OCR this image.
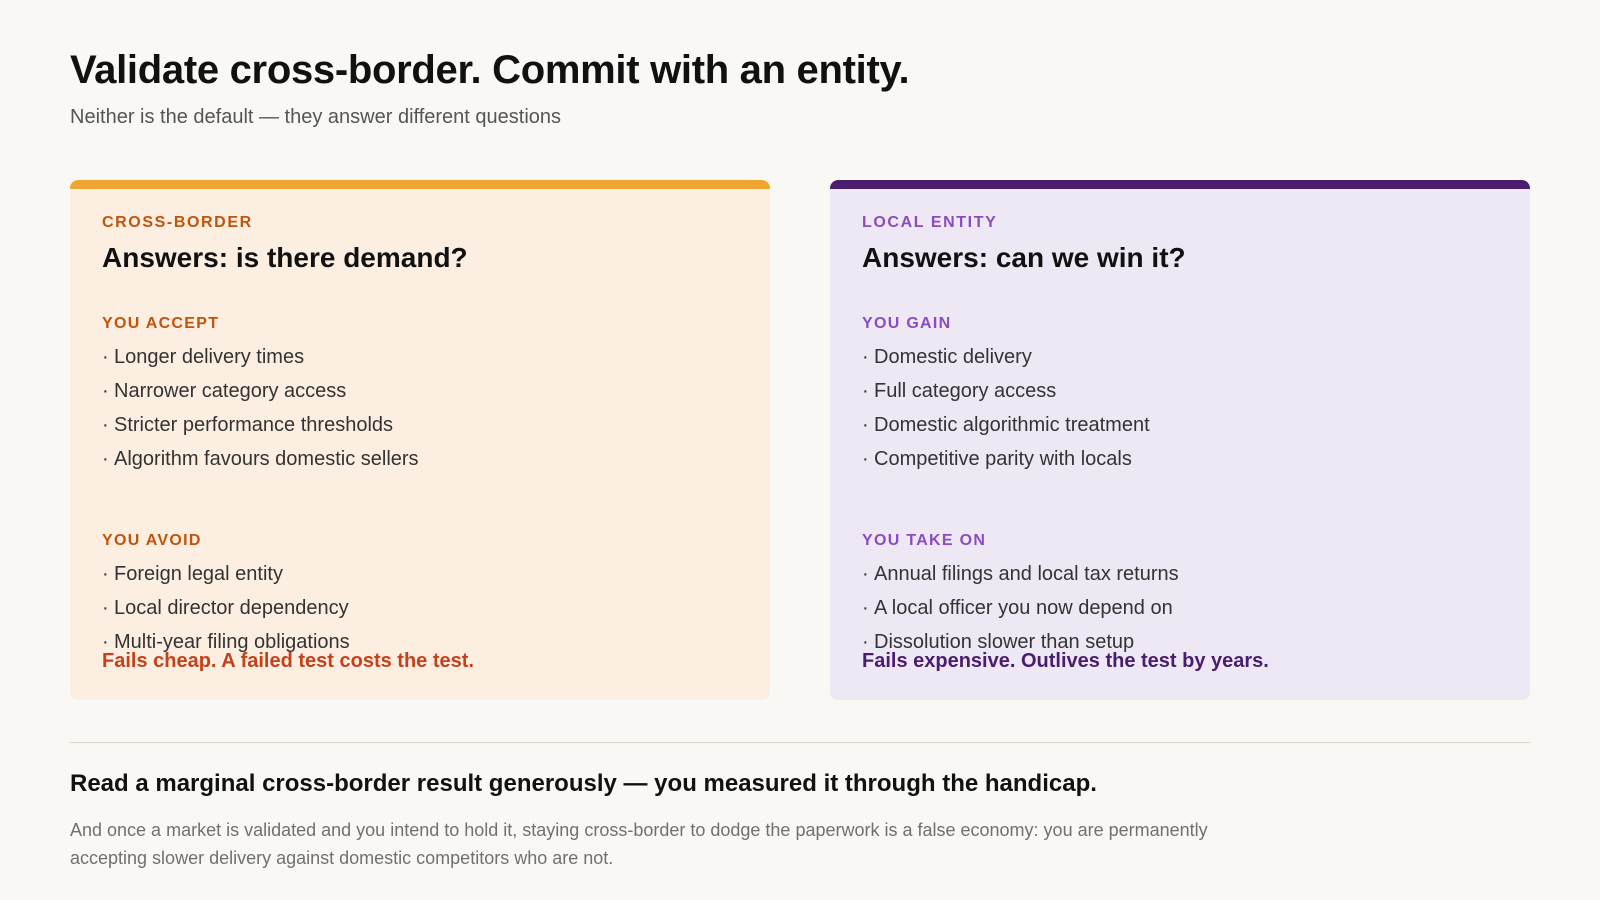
Validate cross-border. Commit with an entity.

Neither is the default — they answer different questions

CROSS-BORDER
Answers: is there demand?
YOU ACCEPT
· Longer delivery times
· Narrower category access
· Stricter performance thresholds
· Algorithm favours domestic sellers
YOU AVOID
· Foreign legal entity
· Local director dependency
· Multi-year filing obligations
Fails cheap. A failed test costs the test.
LOCAL ENTITY
Answers: can we win it?
YOU GAIN
· Domestic delivery
· Full category access
· Domestic algorithmic treatment
· Competitive parity with locals
YOU TAKE ON
· Annual filings and local tax returns
· A local officer you now depend on
· Dissolution slower than setup
Fails expensive. Outlives the test by years.
Read a marginal cross-border result generously — you measured it through the handicap.

And once a market is validated and you intend to hold it, staying cross-border to dodge the paperwork is a false economy: you are permanently accepting slower delivery against domestic competitors who are not.
